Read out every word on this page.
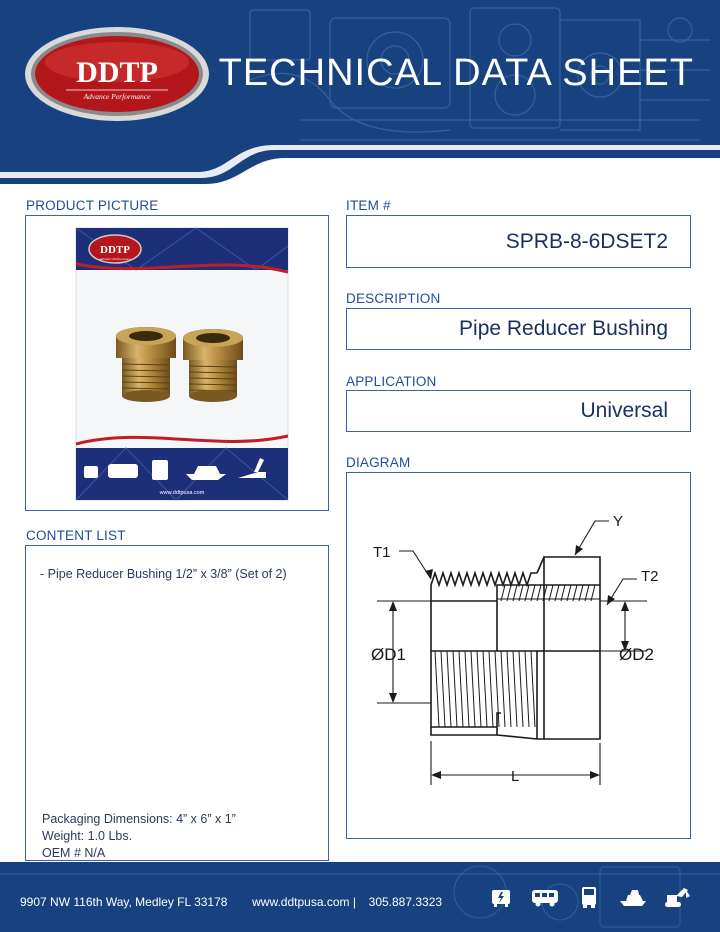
DDTP
Advance Performance
TECHNICAL DATA SHEET
PRODUCT PICTURE
DDTP
Advance Performance
www.ddtpusa.com
ITEM #
SPRB-8-6DSET2
DESCRIPTION
Pipe Reducer Bushing
APPLICATION
Universal
DIAGRAM
Y
T1
T2
ØD1	ØD2
L
CONTENT LIST
- Pipe Reducer Bushing 1/2” x 3/8” (Set of 2)
Packaging Dimensions: 4” x 6” x 1”
Weight: 1.0 Lbs.
OEM # N/A
9907 NW 116th Way, Medley FL 33178 www.ddtpusa.com | 305.887.3323
